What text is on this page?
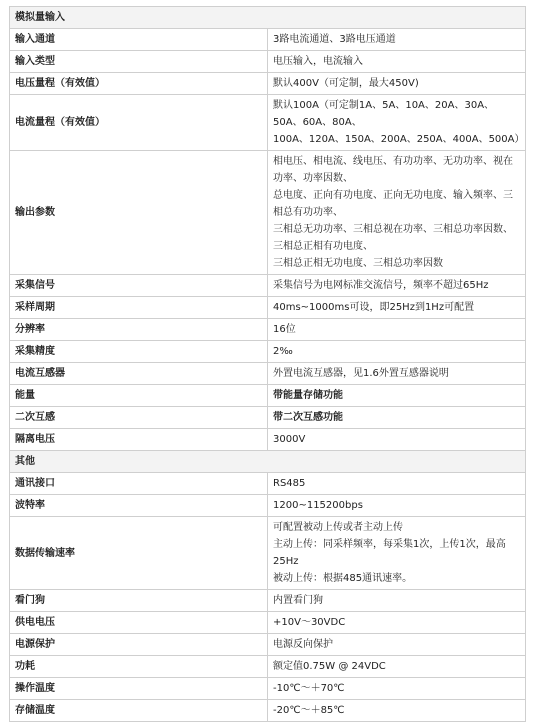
模拟量输入	
输入通道	3路电流通道、3路电压通道

输入类型	电压输入，电流输入

电压量程（有效值）	默认400V（可定制，最大450V)

电流量程（有效值）	默认100A（可定制1A、5A、10A、20A、30A、50A、60A、80A、
100A、120A、150A、200A、250A、400A、500A）

输出参数	相电压、相电流、线电压、有功功率、无功功率、视在功率、功率因数、
总电度、正向有功电度、正向无功电度、输入频率、三相总有功功率、
三相总无功功率、三相总视在功率、三相总功率因数、三相总正相有功电度、
三相总正相无功电度、三相总功率因数

采集信号	采集信号为电网标准交流信号，频率不超过65Hz

采样周期	40ms~1000ms可设，即25Hz到1Hz可配置

分辨率	16位

采集精度	2‰

电流互感器	外置电流互感器，见1.6外置互感器说明

能量	带能量存储功能

二次互感	带二次互感功能

隔离电压	3000V

其他	
通讯接口	RS485

波特率	1200~115200bps

数据传输速率	可配置被动上传或者主动上传
主动上传：同采样频率，每采集1次，上传1次，最高25Hz
被动上传：根据485通讯速率。

看门狗	内置看门狗

供电电压	+10V～30VDC

电源保护	电源反向保护

功耗	额定值0.75W @ 24VDC

操作温度	-10℃～＋70℃

存储温度	-20℃～＋85℃
